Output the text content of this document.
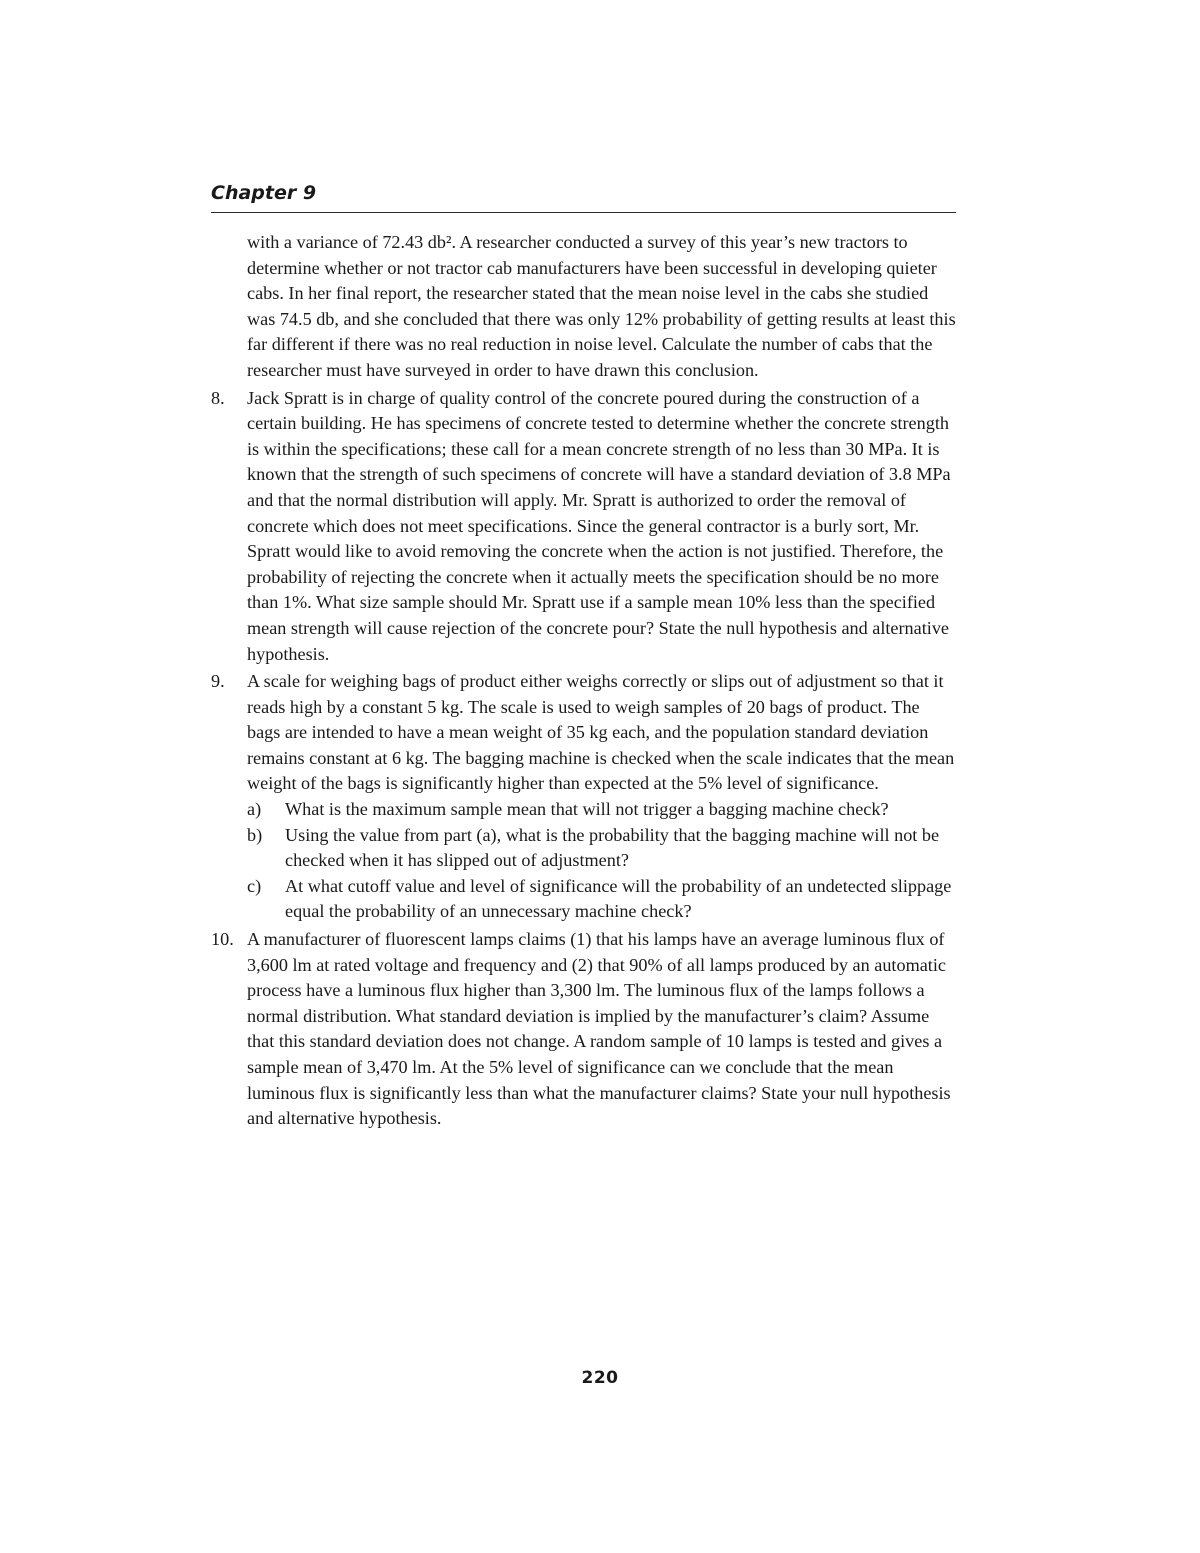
Chapter 9

with a variance of 72.43 db². A researcher conducted a survey of this year’s new tractors to determine whether or not tractor cab manufacturers have been successful in developing quieter cabs. In her final report, the researcher stated that the mean noise level in the cabs she studied was 74.5 db, and she concluded that there was only 12% probability of getting results at least this far different if there was no real reduction in noise level. Calculate the number of cabs that the researcher must have surveyed in order to have drawn this conclusion.

8.	Jack Spratt is in charge of quality control of the concrete poured during the construction of a certain building. He has specimens of concrete tested to determine whether the concrete strength is within the specifications; these call for a mean concrete strength of no less than 30 MPa. It is known that the strength of such specimens of concrete will have a standard deviation of 3.8 MPa and that the normal distribution will apply. Mr. Spratt is authorized to order the removal of concrete which does not meet specifications. Since the general contractor is a burly sort, Mr. Spratt would like to avoid removing the concrete when the action is not justified. Therefore, the probability of rejecting the concrete when it actually meets the specification should be no more than 1%. What size sample should Mr. Spratt use if a sample mean 10% less than the specified mean strength will cause rejection of the concrete pour? State the null hypothesis and alternative hypothesis.

9.	A scale for weighing bags of product either weighs correctly or slips out of adjustment so that it reads high by a constant 5 kg. The scale is used to weigh samples of 20 bags of product. The bags are intended to have a mean weight of 35 kg each, and the population standard deviation remains constant at 6 kg. The bagging machine is checked when the scale indicates that the mean weight of the bags is significantly higher than expected at the 5% level of significance.

a)	What is the maximum sample mean that will not trigger a bagging machine check?

b)	Using the value from part (a), what is the probability that the bagging machine will not be checked when it has slipped out of adjustment?

c)	At what cutoff value and level of significance will the probability of an undetected slippage equal the probability of an unnecessary machine check?

10. A manufacturer of fluorescent lamps claims (1) that his lamps have an average luminous flux of 3,600 lm at rated voltage and frequency and (2) that 90% of all lamps produced by an automatic process have a luminous flux higher than 3,300 lm. The luminous flux of the lamps follows a normal distribution. What standard deviation is implied by the manufacturer’s claim? Assume that this standard deviation does not change. A random sample of 10 lamps is tested and gives a sample mean of 3,470 lm. At the 5% level of significance can we conclude that the mean luminous flux is significantly less than what the manufacturer claims? State your null hypothesis and alternative hypothesis.

220
